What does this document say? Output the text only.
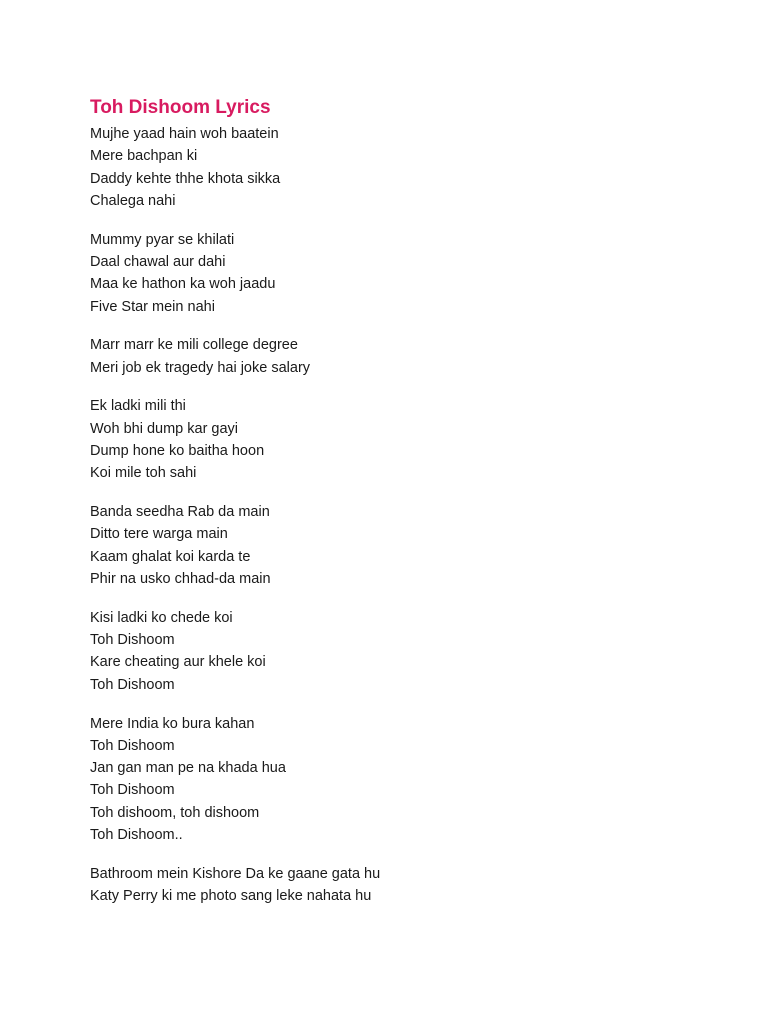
Toh Dishoom Lyrics
Mujhe yaad hain woh baatein
Mere bachpan ki
Daddy kehte thhe khota sikka
Chalega nahi
Mummy pyar se khilati
Daal chawal aur dahi
Maa ke hathon ka woh jaadu
Five Star mein nahi
Marr marr ke mili college degree
Meri job ek tragedy hai joke salary
Ek ladki mili thi
Woh bhi dump kar gayi
Dump hone ko baitha hoon
Koi mile toh sahi
Banda seedha Rab da main
Ditto tere warga main
Kaam ghalat koi karda te
Phir na usko chhad-da main
Kisi ladki ko chede koi
Toh Dishoom
Kare cheating aur khele koi
Toh Dishoom
Mere India ko bura kahan
Toh Dishoom
Jan gan man pe na khada hua
Toh Dishoom
Toh dishoom, toh dishoom
Toh Dishoom..
Bathroom mein Kishore Da ke gaane gata hu
Katy Perry ki me photo sang leke nahata hu
